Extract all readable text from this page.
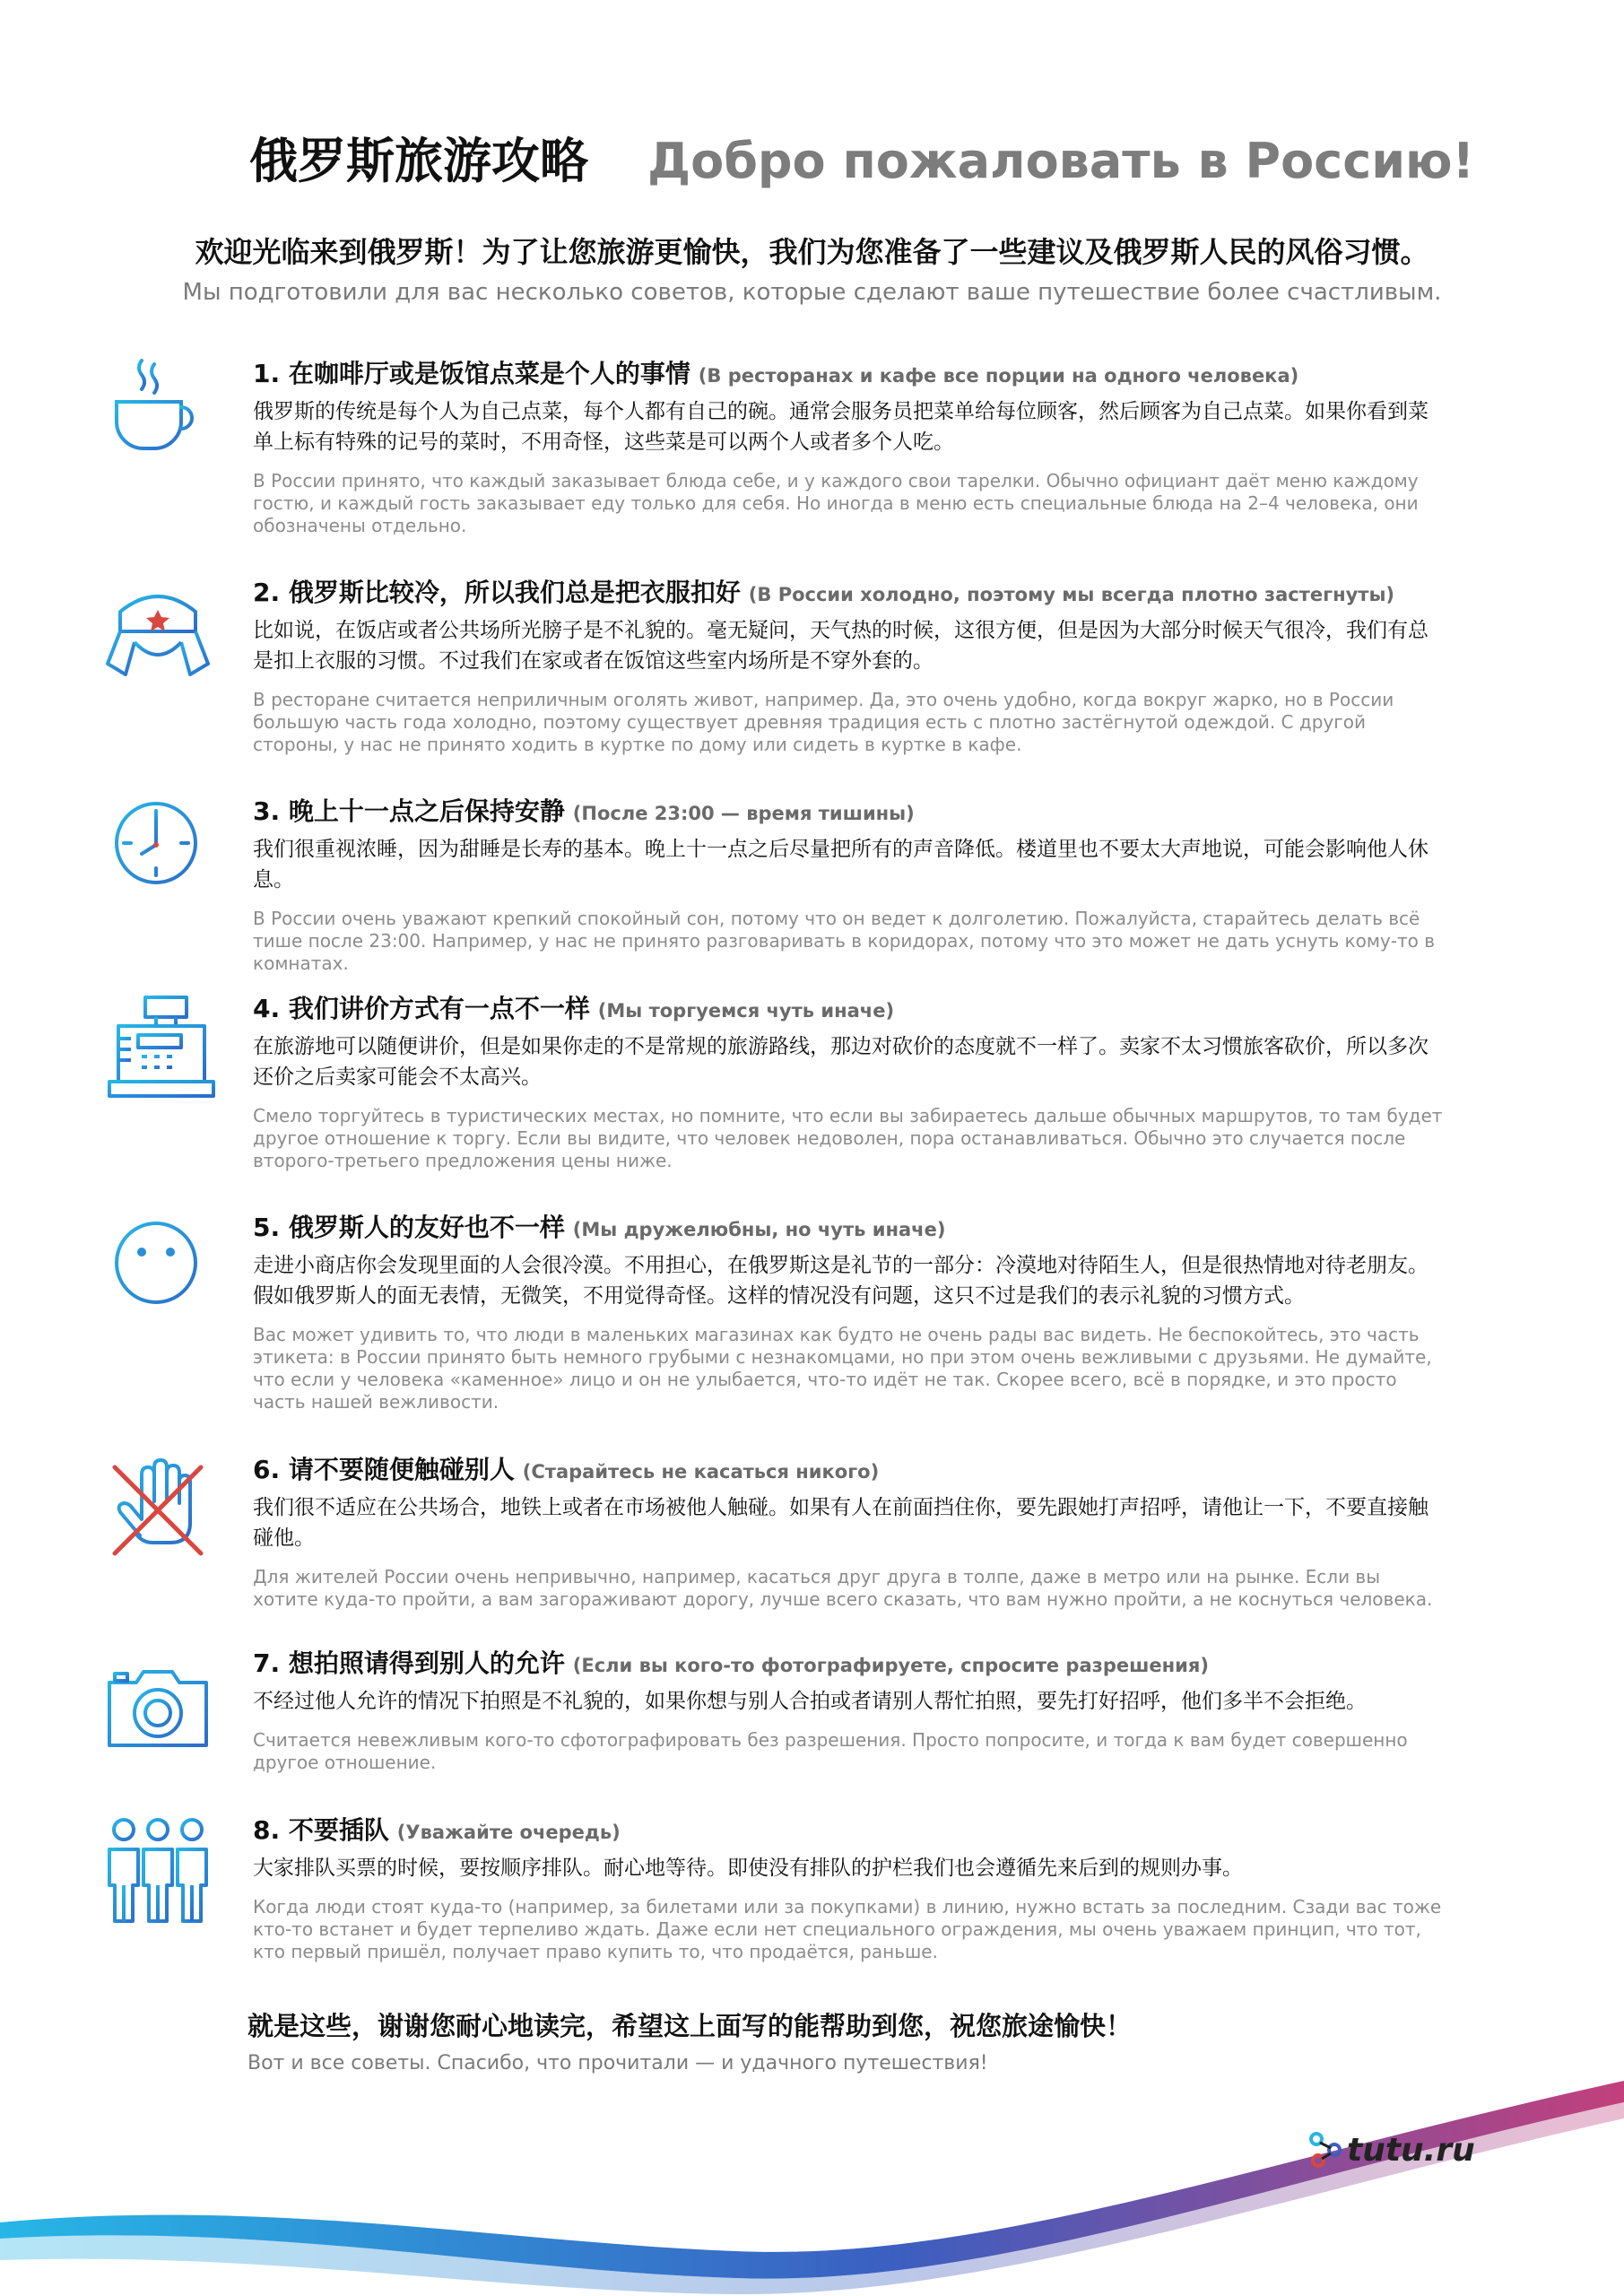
俄罗斯旅游攻略 Добро пожаловать в Россию!
欢迎光临来到俄罗斯！为了让您旅游更愉快，我们为您准备了一些建议及俄罗斯人民的风俗习惯。
Мы подготовили для вас несколько советов, которые сделают ваше путешествие более счастливым.
1. 在咖啡厅或是饭馆点菜是个人的事情 (В ресторанах и кафе все порции на одного человека)
俄罗斯的传统是每个人为自己点菜，每个人都有自己的碗。通常会服务员把菜单给每位顾客，然后顾客为自己点菜。如果你看到菜单上标有特殊的记号的菜时，不用奇怪，这些菜是可以两个人或者多个人吃。
В России принято, что каждый заказывает блюда себе, и у каждого свои тарелки. Обычно официант даёт меню каждому гостю, и каждый гость заказывает еду только для себя. Но иногда в меню есть специальные блюда на 2–4 человека, они обозначены отдельно.
2. 俄罗斯比较冷，所以我们总是把衣服扣好 (В России холодно, поэтому мы всегда плотно застегнуты)
比如说，在饭店或者公共场所光膀子是不礼貌的。毫无疑问，天气热的时候，这很方便，但是因为大部分时候天气很冷，我们有总是扣上衣服的习惯。不过我们在家或者在饭馆这些室内场所是不穿外套的。
В ресторане считается неприличным оголять живот, например. Да, это очень удобно, когда вокруг жарко, но в России большую часть года холодно, поэтому существует древняя традиция есть с плотно застёгнутой одеждой. С другой стороны, у нас не принято ходить в куртке по дому или сидеть в куртке в кафе.
3. 晚上十一点之后保持安静 (После 23:00 — время тишины)
我们很重视浓睡，因为甜睡是长寿的基本。晚上十一点之后尽量把所有的声音降低。楼道里也不要太大声地说，可能会影响他人休息。
В России очень уважают крепкий спокойный сон, потому что он ведет к долголетию. Пожалуйста, старайтесь делать всё тише после 23:00. Например, у нас не принято разговаривать в коридорах, потому что это может не дать уснуть кому-то в комнатах.
4. 我们讲价方式有一点不一样 (Мы торгуемся чуть иначе)
在旅游地可以随便讲价，但是如果你走的不是常规的旅游路线，那边对砍价的态度就不一样了。卖家不太习惯旅客砍价，所以多次还价之后卖家可能会不太高兴。
Смело торгуйтесь в туристических местах, но помните, что если вы забираетесь дальше обычных маршрутов, то там будет другое отношение к торгу. Если вы видите, что человек недоволен, пора останавливаться. Обычно это случается после второго-третьего предложения цены ниже.
5. 俄罗斯人的友好也不一样 (Мы дружелюбны, но чуть иначе)
走进小商店你会发现里面的人会很冷漠。不用担心，在俄罗斯这是礼节的一部分：冷漠地对待陌生人，但是很热情地对待老朋友。假如俄罗斯人的面无表情，无微笑，不用觉得奇怪。这样的情况没有问题，这只不过是我们的表示礼貌的习惯方式。
Вас может удивить то, что люди в маленьких магазинах как будто не очень рады вас видеть. Не беспокойтесь, это часть этикета: в России принято быть немного грубыми с незнакомцами, но при этом очень вежливыми с друзьями. Не думайте, что если у человека «каменное» лицо и он не улыбается, что-то идёт не так. Скорее всего, всё в порядке, и это просто часть нашей вежливости.
6. 请不要随便触碰别人 (Старайтесь не касаться никого)
我们很不适应在公共场合，地铁上或者在市场被他人触碰。如果有人在前面挡住你，要先跟她打声招呼，请他让一下，不要直接触碰他。
Для жителей России очень непривычно, например, касаться друг друга в толпе, даже в метро или на рынке. Если вы хотите куда-то пройти, а вам загораживают дорогу, лучше всего сказать, что вам нужно пройти, а не коснуться человека.
7. 想拍照请得到别人的允许 (Если вы кого-то фотографируете, спросите разрешения)
不经过他人允许的情况下拍照是不礼貌的，如果你想与别人合拍或者请别人帮忙拍照，要先打好招呼，他们多半不会拒绝。
Считается невежливым кого-то сфотографировать без разрешения. Просто попросите, и тогда к вам будет совершенно другое отношение.
8. 不要插队 (Уважайте очередь)
大家排队买票的时候，要按顺序排队。耐心地等待。即使没有排队的护栏我们也会遵循先来后到的规则办事。
Когда люди стоят куда-то (например, за билетами или за покупками) в линию, нужно встать за последним. Сзади вас тоже кто-то встанет и будет терпеливо ждать. Даже если нет специального ограждения, мы очень уважаем принцип, что тот, кто первый пришёл, получает право купить то, что продаётся, раньше.
就是这些，谢谢您耐心地读完，希望这上面写的能帮助到您，祝您旅途愉快！
Вот и все советы. Спасибо, что прочитали — и удачного путешествия!
tutu.ru
